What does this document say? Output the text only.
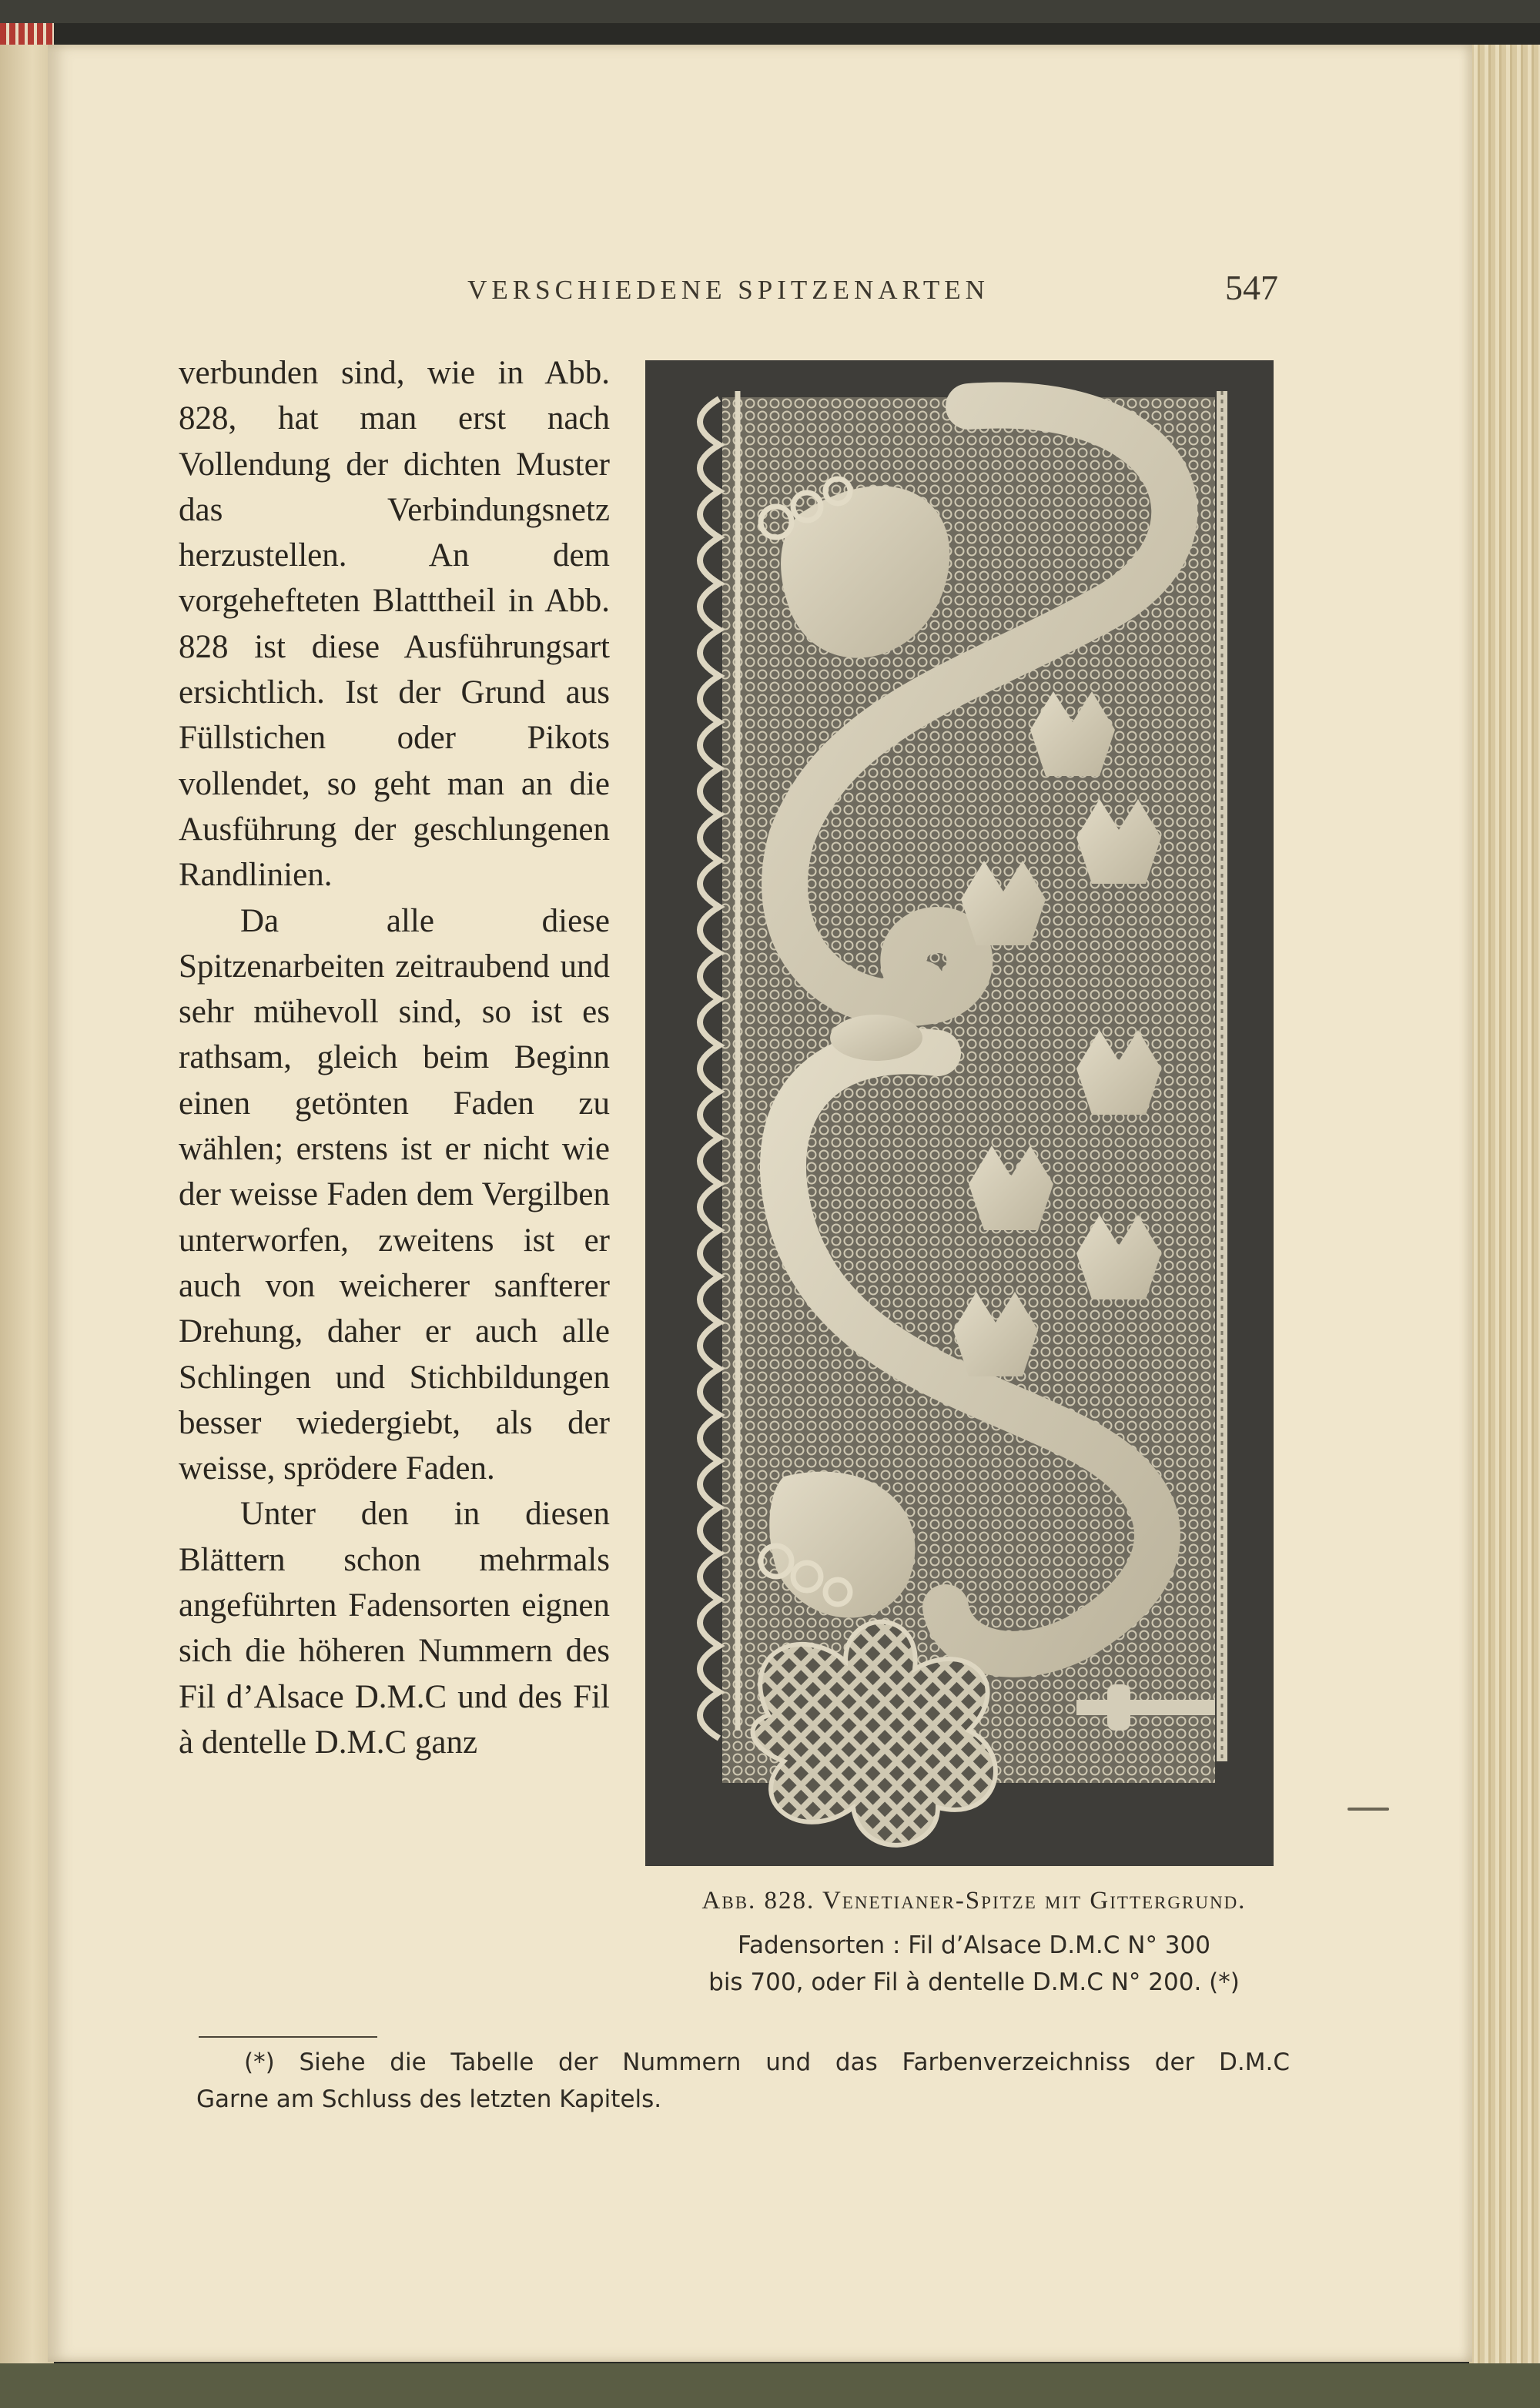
VERSCHIEDENE SPITZENARTEN	547

verbunden sind, wie in Abb. 828, hat man erst nach Vollendung der dichten Muster das Verbindungsnetz herzustellen. An dem vorgehefteten Blatttheil in Abb. 828 ist diese Ausführungsart ersichtlich. Ist der Grund aus Füllstichen oder Pikots vollendet, so geht man an die Ausführung der geschlungenen Randlinien.

Da alle diese Spitzenarbeiten zeitraubend und sehr mühevoll sind, so ist es rathsam, gleich beim Beginn einen getönten Faden zu wählen; erstens ist er nicht wie der weisse Faden dem Vergilben unterworfen, zweitens ist er auch von weicherer sanfterer Drehung, daher er auch alle Schlingen und Stichbildungen besser wiedergiebt, als der weisse, sprödere Faden.

Unter den in diesen Blättern schon mehrmals angeführten Fadensorten eignen sich die höheren Nummern des Fil d’Alsace D.M.C und des Fil à dentelle D.M.C ganz

Abb. 828. Venetianer-Spitze mit Gittergrund.
Fadensorten : Fil d’Alsace D.M.C N° 300
bis 700, oder Fil à dentelle D.M.C N° 200. (*)
(*) Siehe die Tabelle der Nummern und das Farbenverzeichniss der D.M.C
Garne am Schluss des letzten Kapitels.
